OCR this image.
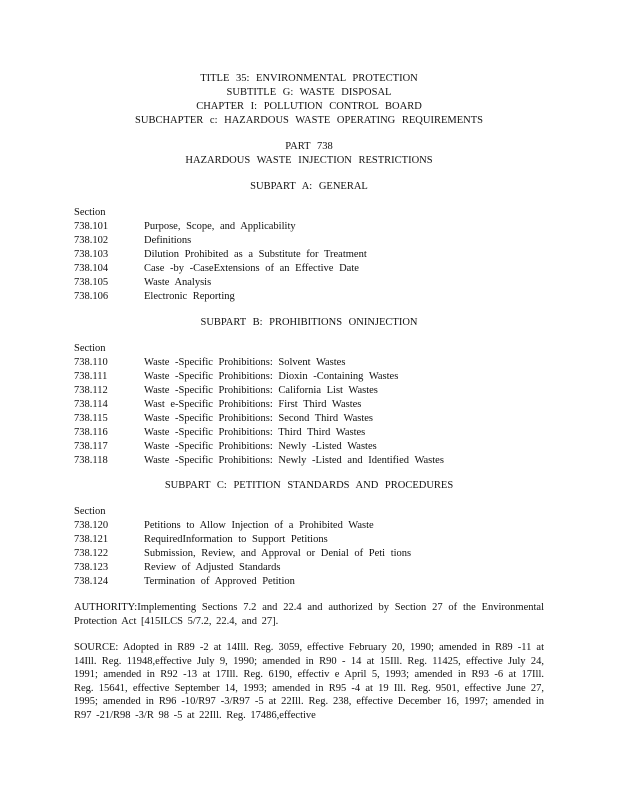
TITLE 35: ENVIRONMENTAL PROTECTION
SUBTITLE G: WASTE DISPOSAL
CHAPTER I: POLLUTION CONTROL BOARD
SUBCHAPTER c: HAZARDOUS WASTE OPERATING REQUIREMENTS
PART 738
HAZARDOUS WASTE INJECTION RESTRICTIONS
SUBPART A: GENERAL
Section
738.101	Purpose, Scope, and Applicability
738.102	Definitions
738.103	Dilution Prohibited as a Substitute for Treatment
738.104	Case -by -CaseExtensions of an Effective Date
738.105	Waste Analysis
738.106	Electronic Reporting
SUBPART B: PROHIBITIONS ONINJECTION
Section
738.110	Waste -Specific Prohibitions: Solvent Wastes
738.111	Waste -Specific Prohibitions: Dioxin -Containing Wastes
738.112	Waste -Specific Prohibitions: California List Wastes
738.114	Wast e-Specific Prohibitions: First Third Wastes
738.115	Waste -Specific Prohibitions: Second Third Wastes
738.116	Waste -Specific Prohibitions: Third Third Wastes
738.117	Waste -Specific Prohibitions: Newly -Listed Wastes
738.118	Waste -Specific Prohibitions: Newly -Listed and Identified Wastes
SUBPART C: PETITION STANDARDS AND PROCEDURES
Section
738.120	Petitions to Allow Injection of a Prohibited Waste
738.121	RequiredInformation to Support Petitions
738.122	Submission, Review, and Approval or Denial of Peti tions
738.123	Review of Adjusted Standards
738.124	Termination of Approved Petition
AUTHORITY:Implementing Sections 7.2 and 22.4 and authorized by Section 27 of the Environmental Protection Act [415ILCS 5/7.2, 22.4, and 27].
SOURCE: Adopted in R89 -2 at 14Ill. Reg. 3059, effective February 20, 1990; amended in R89 -11 at 14Ill. Reg. 11948,effective July 9, 1990; amended in R90 - 14 at 15Ill. Reg. 11425, effective July 24, 1991; amended in R92 -13 at 17Ill. Reg. 6190, effectiv e April 5, 1993; amended in R93 -6 at 17Ill. Reg. 15641, effective September 14, 1993; amended in R95 -4 at 19 Ill. Reg. 9501, effective June 27, 1995; amended in R96 -10/R97 -3/R97 -5 at 22Ill. Reg. 238, effective December 16, 1997; amended in R97 -21/R98 -3/R 98 -5 at 22Ill. Reg. 17486,effective
